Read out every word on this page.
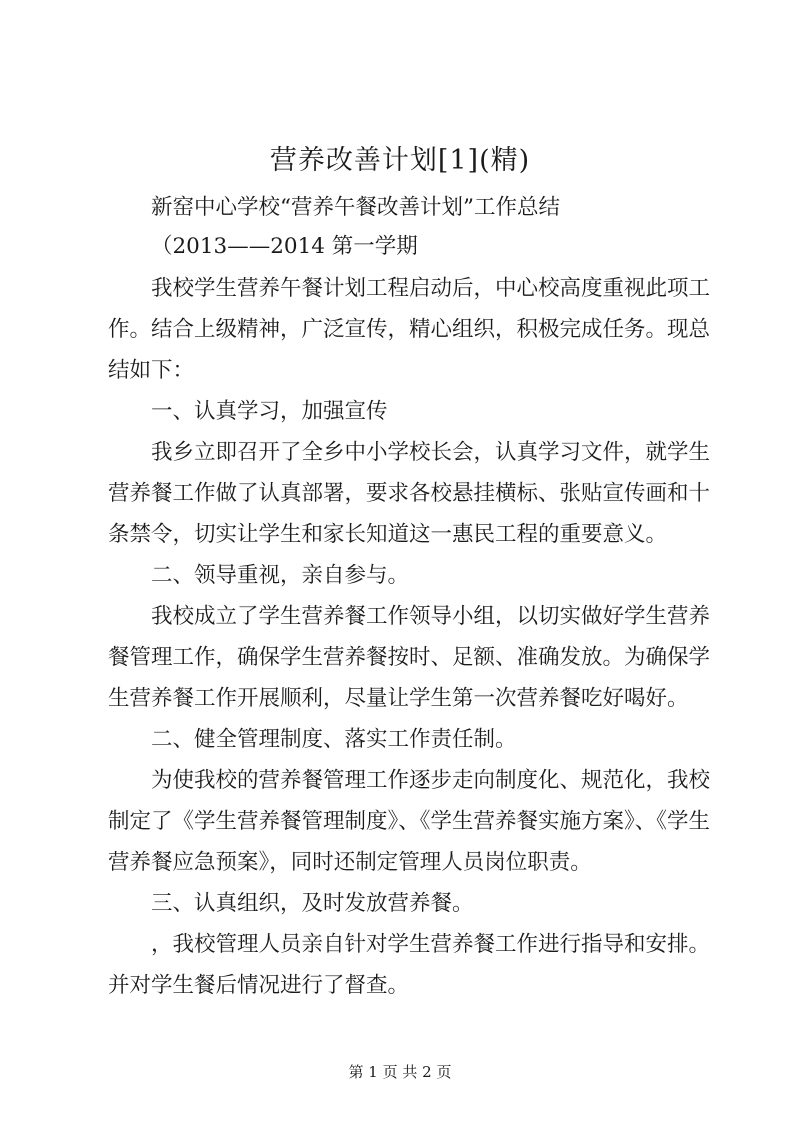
营养改善计划[1](精)
新窑中心学校“营养午餐改善计划”工作总结
（2013——2014 第一学期
我校学生营养午餐计划工程启动后，中心校高度重视此项工
作。结合上级精神，广泛宣传，精心组织，积极完成任务。现总
结如下：
一、认真学习，加强宣传
我乡立即召开了全乡中小学校长会，认真学习文件，就学生
营养餐工作做了认真部署，要求各校悬挂横标、张贴宣传画和十
条禁令，切实让学生和家长知道这一惠民工程的重要意义。
二、领导重视，亲自参与。
我校成立了学生营养餐工作领导小组，以切实做好学生营养
餐管理工作，确保学生营养餐按时、足额、准确发放。为确保学
生营养餐工作开展顺利，尽量让学生第一次营养餐吃好喝好。
二、健全管理制度、落实工作责任制。
为使我校的营养餐管理工作逐步走向制度化、规范化，我校
制定了《学生营养餐管理制度》、《学生营养餐实施方案》、《学生
营养餐应急预案》，同时还制定管理人员岗位职责。
三、认真组织，及时发放营养餐。
，我校管理人员亲自针对学生营养餐工作进行指导和安排。
并对学生餐后情况进行了督查。
第 1 页 共 2 页
